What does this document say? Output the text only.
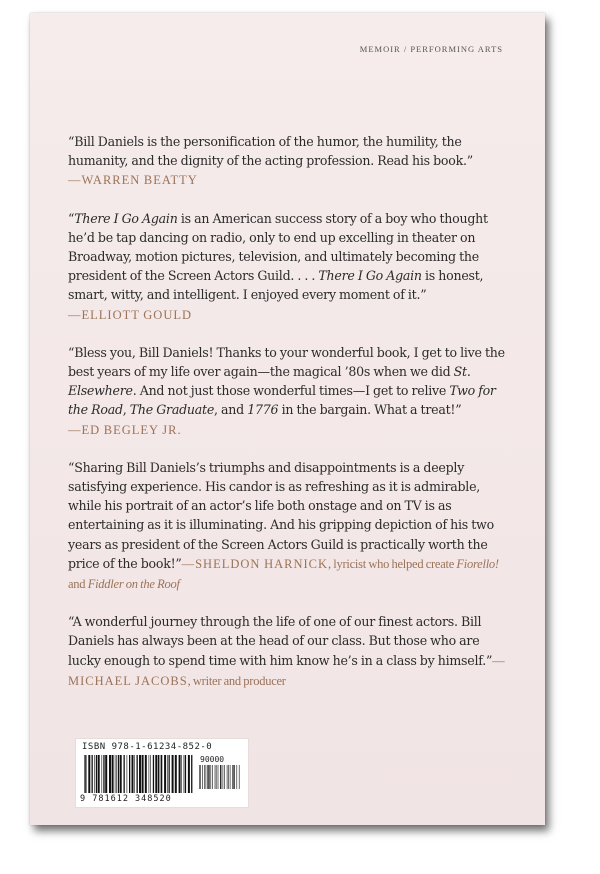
MEMOIR / PERFORMING ARTS

“Bill Daniels is the personification of the humor, the humility, the humanity, and the dignity of the acting profession. Read his book.”
—WARREN BEATTY

“There I Go Again is an American success story of a boy who thought he’d be tap dancing on radio, only to end up excelling in theater on Broadway, motion pictures, television, and ultimately becoming the president of the Screen Actors Guild. . . . There I Go Again is honest, smart, witty, and intelligent. I enjoyed every moment of it.”
—ELLIOTT GOULD

“Bless you, Bill Daniels! Thanks to your wonderful book, I get to live the best years of my life over again—the magical ’80s when we did St. Elsewhere. And not just those wonderful times—I get to relive Two for the Road, The Graduate, and 1776 in the bargain. What a treat!”
—ED BEGLEY JR.

“Sharing Bill Daniels’s triumphs and disappointments is a deeply satisfying experience. His candor is as refreshing as it is admirable, while his portrait of an actor’s life both onstage and on TV is as entertaining as it is illuminating. And his gripping depiction of his two years as president of the Screen Actors Guild is practically worth the price of the book!”—SHELDON HARNICK, lyricist who helped create Fiorello! and Fiddler on the Roof

“A wonderful journey through the life of one of our finest actors. Bill Daniels has always been at the head of our class. But those who are lucky enough to spend time with him know he’s in a class by himself.”—MICHAEL JACOBS, writer and producer

ISBN 978-1-61234-852-0
90000
9 781612 348520
